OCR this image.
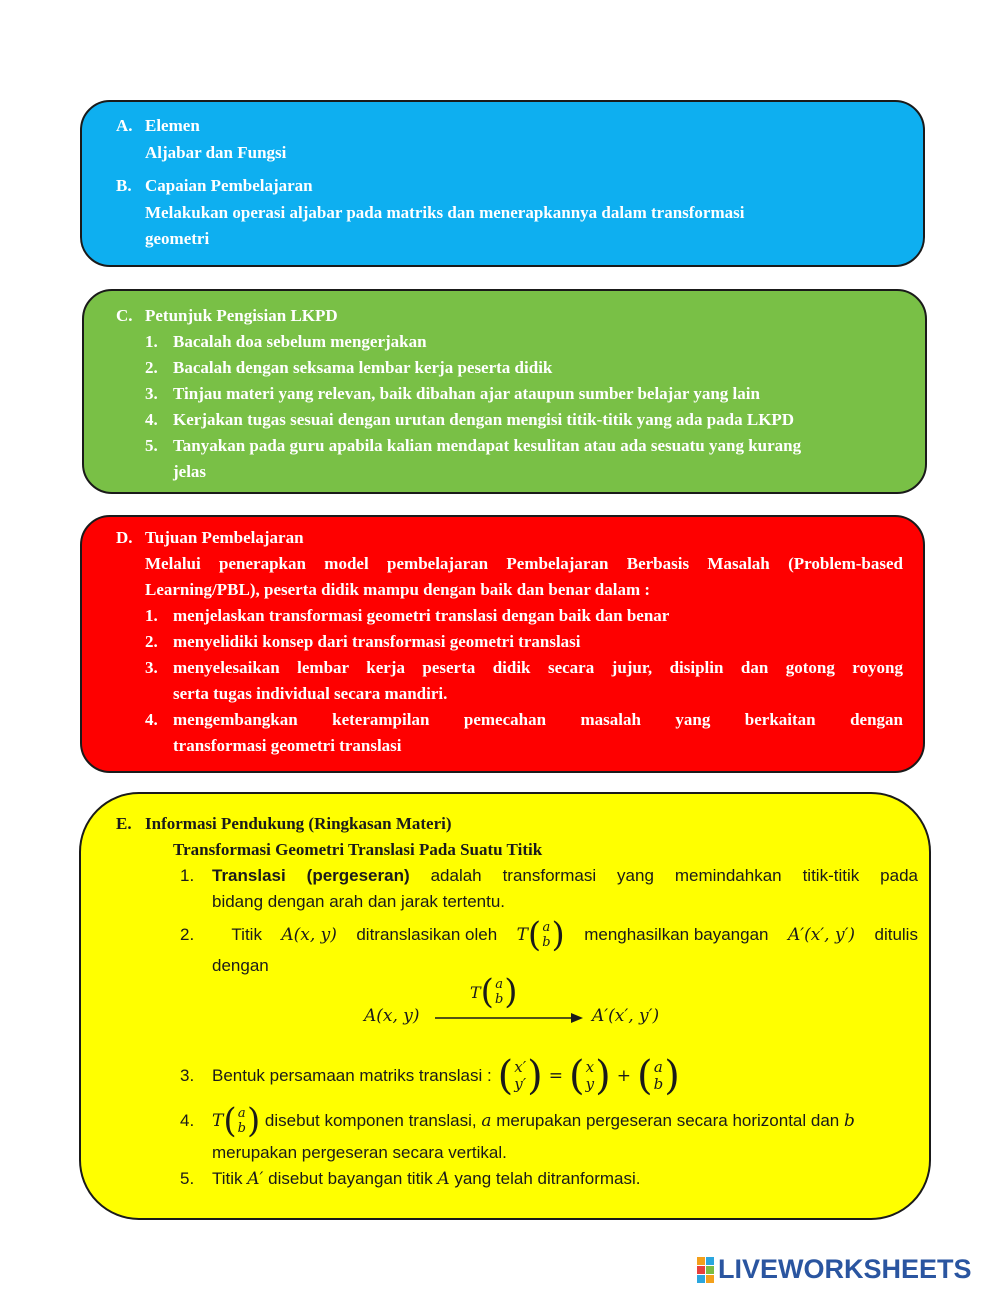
A. Elemen
Aljabar dan Fungsi
B. Capaian Pembelajaran
Melakukan operasi aljabar pada matriks dan menerapkannya dalam transformasi
geometri
C. Petunjuk Pengisian LKPD
1. Bacalah doa sebelum mengerjakan
2. Bacalah dengan seksama lembar kerja peserta didik
3. Tinjau materi yang relevan, baik dibahan ajar ataupun sumber belajar yang lain
4. Kerjakan tugas sesuai dengan urutan dengan mengisi titik-titik yang ada pada LKPD
5. Tanyakan pada guru apabila kalian mendapat kesulitan atau ada sesuatu yang kurang
jelas
D. Tujuan Pembelajaran
Melalui penerapkan model pembelajaran Pembelajaran Berbasis Masalah (Problem-based
Learning/PBL), peserta didik mampu dengan baik dan benar dalam :
1. menjelaskan transformasi geometri translasi dengan baik dan benar
2. menyelidiki konsep dari transformasi geometri translasi
3. menyelesaikan lembar kerja peserta didik secara jujur, disiplin dan gotong royong
serta tugas individual secara mandiri.
4. mengembangkan keterampilan pemecahan masalah yang berkaitan dengan
transformasi geometri translasi
E. Informasi Pendukung (Ringkasan Materi)
Transformasi Geometri Translasi Pada Suatu Titik
1.	Translasi (pergeseran) adalah transformasi yang memindahkan titik-titik pada
bidang dengan arah dan jarak tertentu.
2.	Titik A(x, y) ditranslasikan oleh T ( a
b ) menghasilkan bayangan A′(x′, y′) ditulis
dengan
A(x, y)
T ( a
b )
A′(x′, y′)
3.	Bentuk persamaan matriks translasi : ( x′
y′ ) = ( x
y ) + ( a
b )
4.	T ( a
b ) disebut komponen translasi, a merupakan pergeseran secara horizontal dan b
merupakan pergeseran secara vertikal.
5. Titik A′ disebut bayangan titik A yang telah ditranformasi.
LIVEWORKSHEETS
